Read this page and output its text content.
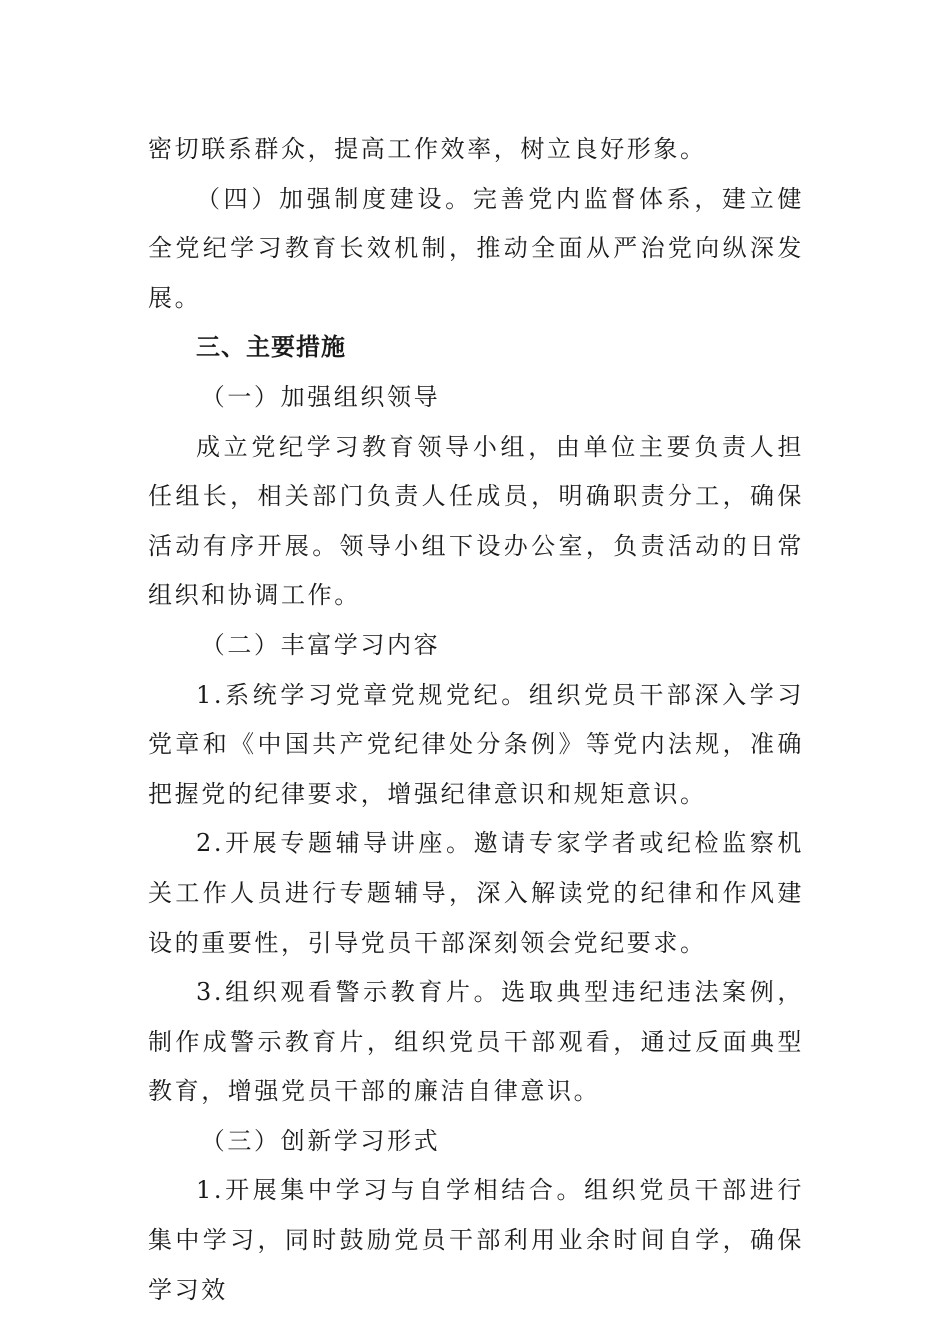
密切联系群众，提高工作效率，树立良好形象。

（四）加强制度建设。完善党内监督体系，建立健全党纪学习教育长效机制，推动全面从严治党向纵深发展。

三、主要措施

（一）加强组织领导

成立党纪学习教育领导小组，由单位主要负责人担任组长，相关部门负责人任成员，明确职责分工，确保活动有序开展。领导小组下设办公室，负责活动的日常组织和协调工作。

（二）丰富学习内容

1.系统学习党章党规党纪。组织党员干部深入学习党章和《中国共产党纪律处分条例》等党内法规，准确把握党的纪律要求，增强纪律意识和规矩意识。

2.开展专题辅导讲座。邀请专家学者或纪检监察机关工作人员进行专题辅导，深入解读党的纪律和作风建设的重要性，引导党员干部深刻领会党纪要求。

3.组织观看警示教育片。选取典型违纪违法案例，制作成警示教育片，组织党员干部观看，通过反面典型教育，增强党员干部的廉洁自律意识。

（三）创新学习形式

1.开展集中学习与自学相结合。组织党员干部进行集中学习，同时鼓励党员干部利用业余时间自学，确保学习效
